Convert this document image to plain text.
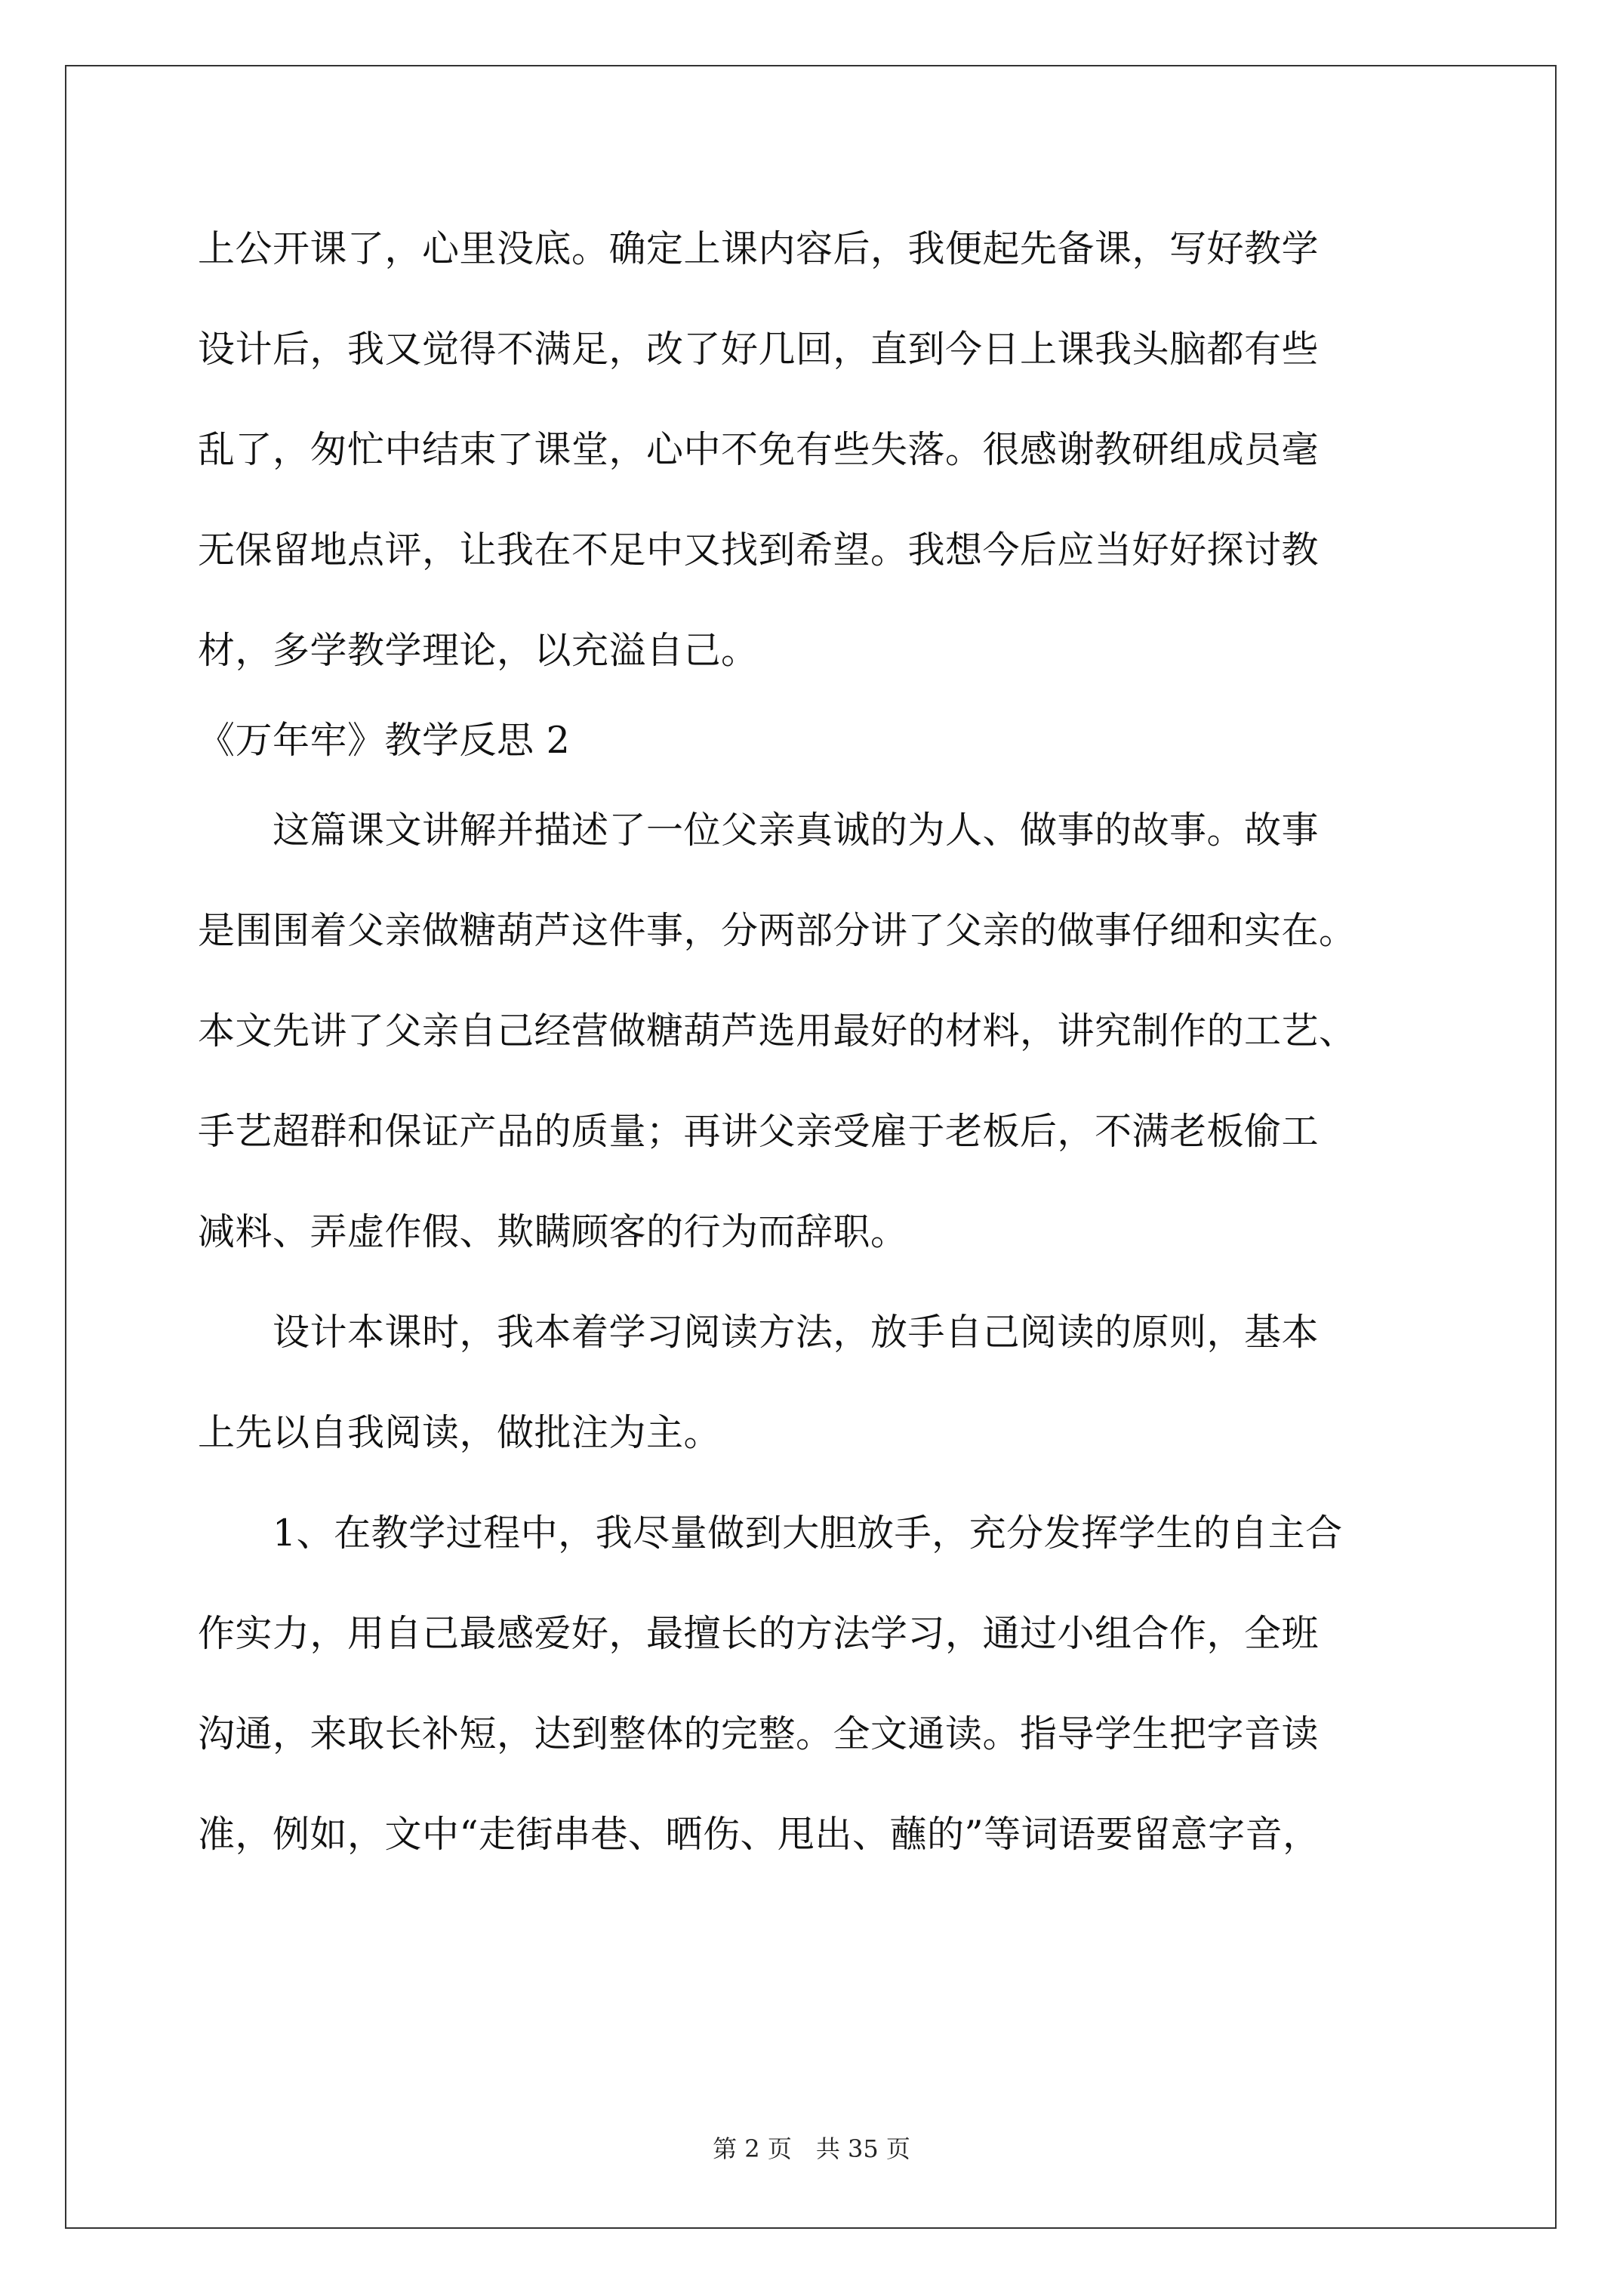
上公开课了，心里没底。确定上课内容后，我便起先备课，写好教学
设计后，我又觉得不满足，改了好几回，直到今日上课我头脑都有些
乱了，匆忙中结束了课堂，心中不免有些失落。很感谢教研组成员毫
无保留地点评，让我在不足中又找到希望。我想今后应当好好探讨教
材，多学教学理论，以充溢自己。
《万年牢》教学反思 2
　　这篇课文讲解并描述了一位父亲真诚的为人、做事的故事。故事
是围围着父亲做糖葫芦这件事，分两部分讲了父亲的做事仔细和实在。
本文先讲了父亲自己经营做糖葫芦选用最好的材料，讲究制作的工艺、
手艺超群和保证产品的质量；再讲父亲受雇于老板后，不满老板偷工
减料、弄虚作假、欺瞒顾客的行为而辞职。
　　设计本课时，我本着学习阅读方法，放手自己阅读的原则，基本
上先以自我阅读，做批注为主。
　　1、在教学过程中，我尽量做到大胆放手，充分发挥学生的自主合
作实力，用自己最感爱好，最擅长的方法学习，通过小组合作，全班
沟通，来取长补短，达到整体的完整。全文通读。指导学生把字音读
准，例如，文中“走街串巷、晒伤、甩出、蘸的”等词语要留意字音，
第 2 页　共 35 页
